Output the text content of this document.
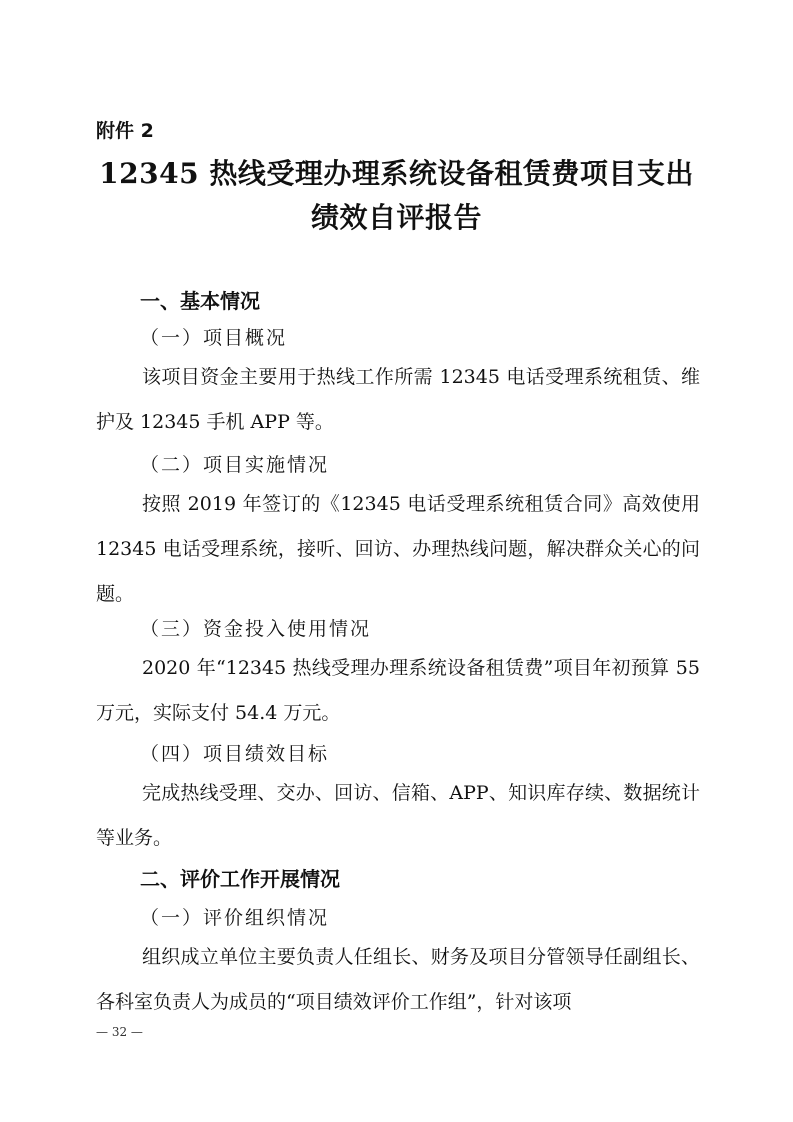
附件 2
12345 热线受理办理系统设备租赁费项目支出
绩效自评报告
一、基本情况
（一）项目概况

该项目资金主要用于热线工作所需 12345 电话受理系统租赁、维护及 12345 手机 APP 等。

（二）项目实施情况

按照 2019 年签订的《12345 电话受理系统租赁合同》高效使用 12345 电话受理系统，接听、回访、办理热线问题，解决群众关心的问题。

（三）资金投入使用情况

2020 年“12345 热线受理办理系统设备租赁费”项目年初预算 55 万元，实际支付 54.4 万元。

（四）项目绩效目标

完成热线受理、交办、回访、信箱、APP、知识库存续、数据统计等业务。

二、评价工作开展情况
（一）评价组织情况

组织成立单位主要负责人任组长、财务及项目分管领导任副组长、各科室负责人为成员的“项目绩效评价工作组”，针对该项

— 32 —
